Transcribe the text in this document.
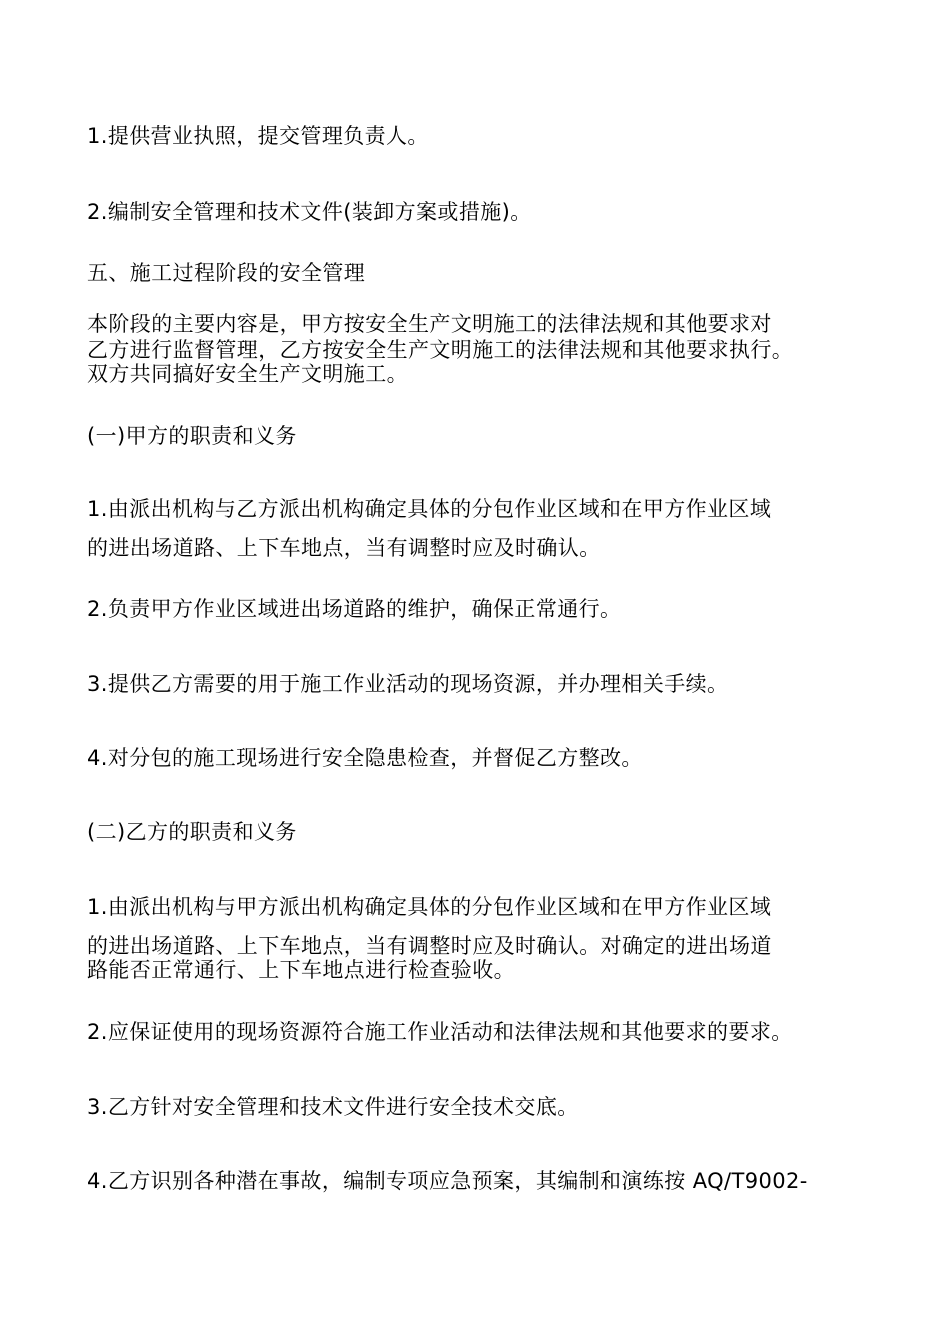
1.提供营业执照，提交管理负责人。
2.编制安全管理和技术文件(装卸方案或措施)。
五、施工过程阶段的安全管理
本阶段的主要内容是，甲方按安全生产文明施工的法律法规和其他要求对
乙方进行监督管理，乙方按安全生产文明施工的法律法规和其他要求执行。
双方共同搞好安全生产文明施工。
(一)甲方的职责和义务
1.由派出机构与乙方派出机构确定具体的分包作业区域和在甲方作业区域
的进出场道路、上下车地点，当有调整时应及时确认。
2.负责甲方作业区域进出场道路的维护，确保正常通行。
3.提供乙方需要的用于施工作业活动的现场资源，并办理相关手续。
4.对分包的施工现场进行安全隐患检查，并督促乙方整改。
(二)乙方的职责和义务
1.由派出机构与甲方派出机构确定具体的分包作业区域和在甲方作业区域
的进出场道路、上下车地点，当有调整时应及时确认。对确定的进出场道
路能否正常通行、上下车地点进行检查验收。
2.应保证使用的现场资源符合施工作业活动和法律法规和其他要求的要求。
3.乙方针对安全管理和技术文件进行安全技术交底。
4.乙方识别各种潜在事故，编制专项应急预案，其编制和演练按 AQ/T9002-
